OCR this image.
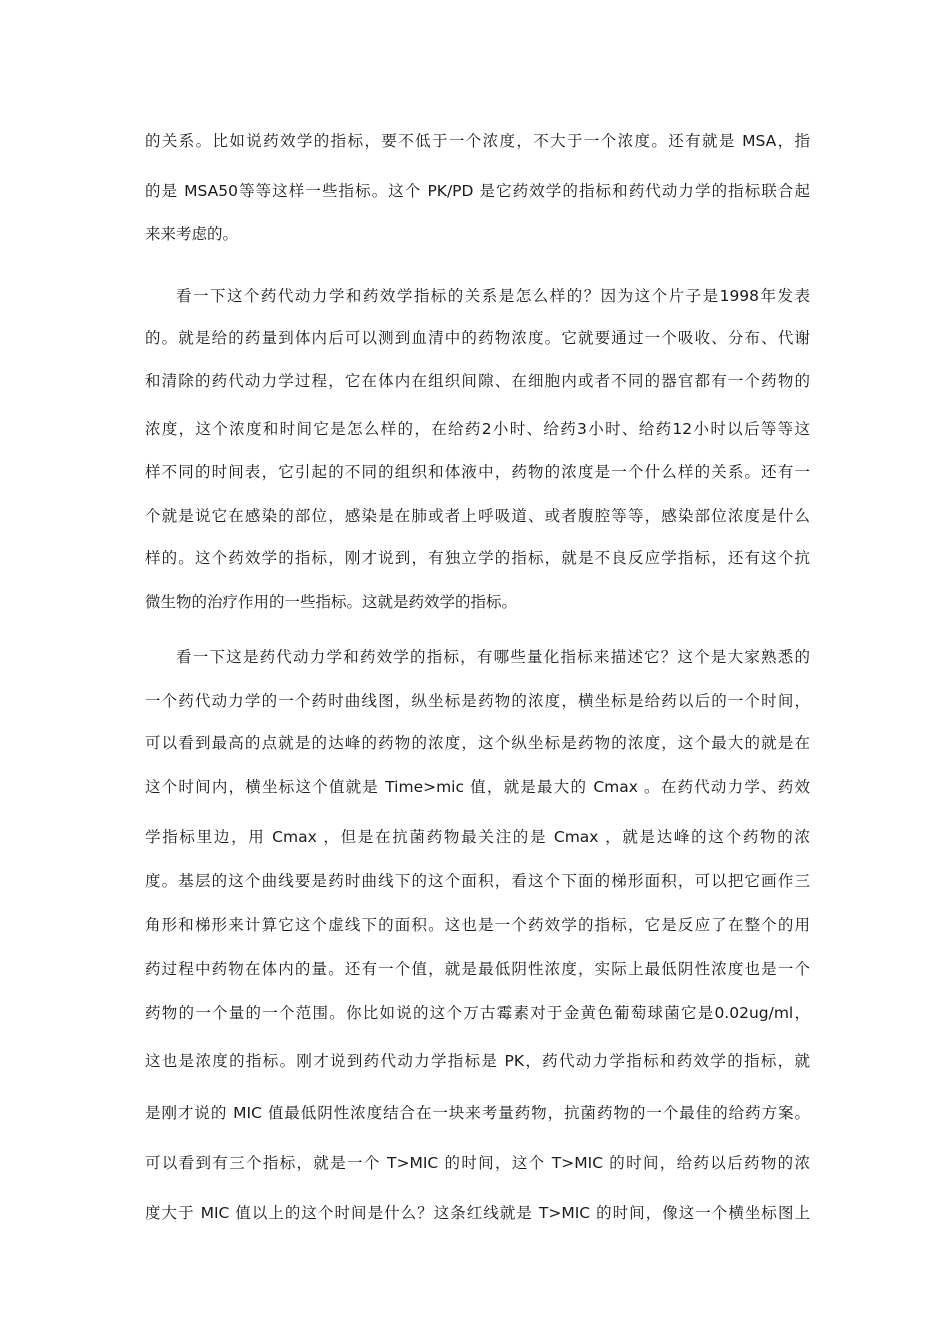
的关系。比如说药效学的指标，要不低于一个浓度，不大于一个浓度。还有就是 MSA，指
的是 MSA50等等这样一些指标。这个 PK/PD 是它药效学的指标和药代动力学的指标联合起
来来考虑的。
看一下这个药代动力学和药效学指标的关系是怎么样的？因为这个片子是1998年发表
的。就是给的药量到体内后可以测到血清中的药物浓度。它就要通过一个吸收、分布、代谢
和清除的药代动力学过程，它在体内在组织间隙、在细胞内或者不同的器官都有一个药物的
浓度，这个浓度和时间它是怎么样的，在给药2小时、给药3小时、给药12小时以后等等这
样不同的时间表，它引起的不同的组织和体液中，药物的浓度是一个什么样的关系。还有一
个就是说它在感染的部位，感染是在肺或者上呼吸道、或者腹腔等等，感染部位浓度是什么
样的。这个药效学的指标，刚才说到，有独立学的指标，就是不良反应学指标，还有这个抗
微生物的治疗作用的一些指标。这就是药效学的指标。
看一下这是药代动力学和药效学的指标，有哪些量化指标来描述它？这个是大家熟悉的
一个药代动力学的一个药时曲线图，纵坐标是药物的浓度，横坐标是给药以后的一个时间，
可以看到最高的点就是的达峰的药物的浓度，这个纵坐标是药物的浓度，这个最大的就是在
这个时间内，横坐标这个值就是 Time>mic 值，就是最大的 Cmax 。在药代动力学、药效
学指标里边，用 Cmax ，但是在抗菌药物最关注的是 Cmax ，就是达峰的这个药物的浓
度。基层的这个曲线要是药时曲线下的这个面积，看这个下面的梯形面积，可以把它画作三
角形和梯形来计算它这个虚线下的面积。这也是一个药效学的指标，它是反应了在整个的用
药过程中药物在体内的量。还有一个值，就是最低阴性浓度，实际上最低阴性浓度也是一个
药物的一个量的一个范围。你比如说的这个万古霉素对于金黄色葡萄球菌它是0.02ug/ml，
这也是浓度的指标。刚才说到药代动力学指标是 PK，药代动力学指标和药效学的指标，就
是刚才说的 MIC 值最低阴性浓度结合在一块来考量药物，抗菌药物的一个最佳的给药方案。
可以看到有三个指标，就是一个 T>MIC 的时间，这个 T>MIC 的时间，给药以后药物的浓
度大于 MIC 值以上的这个时间是什么？这条红线就是 T>MIC 的时间，像这一个横坐标图上
